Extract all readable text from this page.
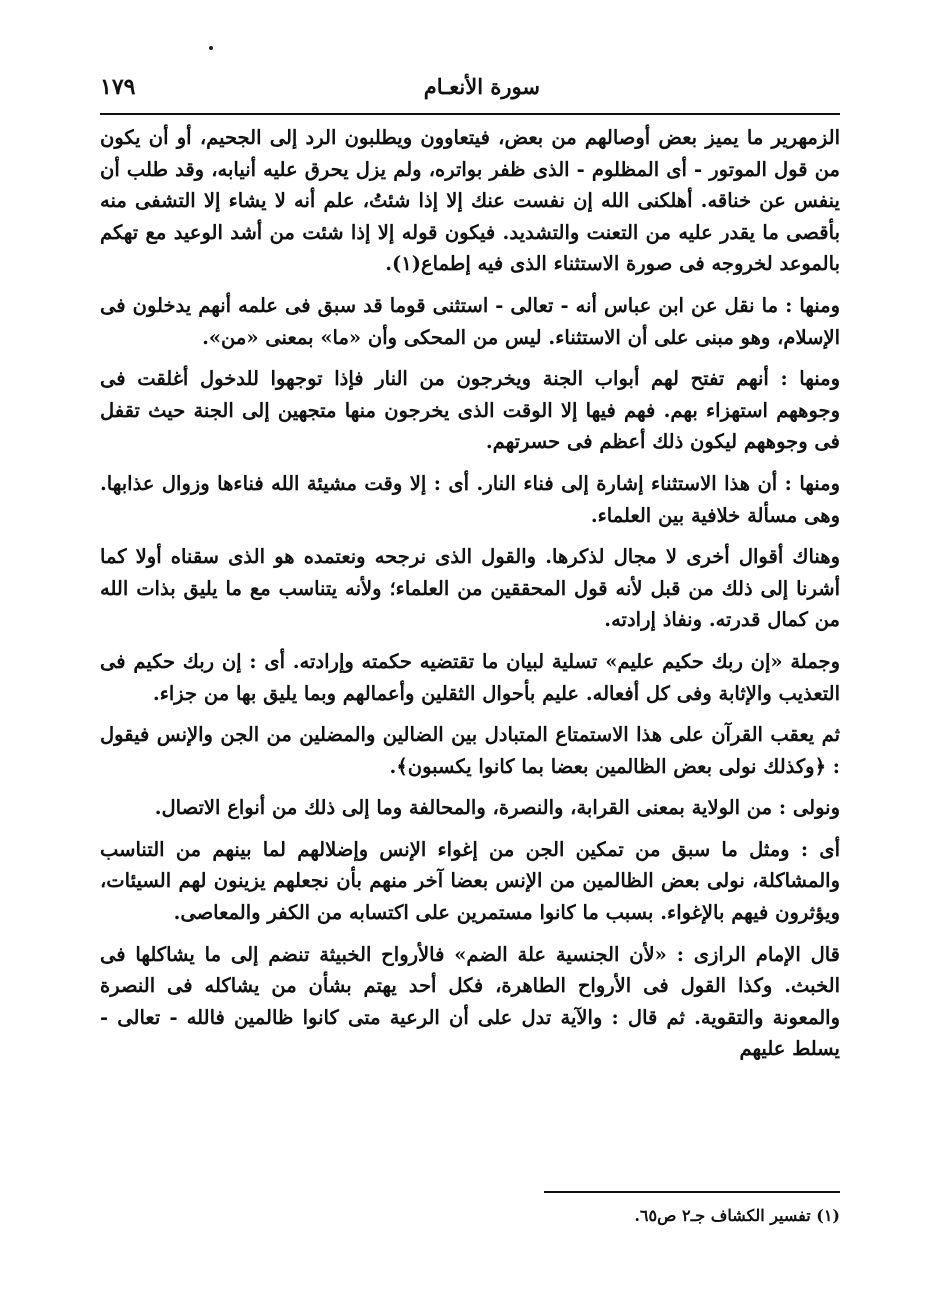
سورة الأنعـام
١٧٩

الزمهرير ما يميز بعض أوصالهم من بعض، فيتعاوون ويطلبون الرد إلى الجحيم، أو أن يكون من قول الموتور - أى المظلوم - الذى ظفر بواتره، ولم يزل يحرق عليه أنيابه، وقد طلب أن ينفس عن خناقه. أهلكنى الله إن نفست عنك إلا إذا شئتُ، علم أنه لا يشاء إلا التشفى منه بأقصى ما يقدر عليه من التعنت والتشديد. فيكون قوله إلا إذا شئت من أشد الوعيد مع تهكم بالموعد لخروجه فى صورة الاستثناء الذى فيه إطماع(١).

ومنها : ما نقل عن ابن عباس أنه - تعالى - استثنى قوما قد سبق فى علمه أنهم يدخلون فى الإسلام، وهو مبنى على أن الاستثناء. ليس من المحكى وأن «ما» بمعنى «من».

ومنها : أنهم تفتح لهم أبواب الجنة ويخرجون من النار فإذا توجهوا للدخول أغلقت فى وجوههم استهزاء بهم. فهم فيها إلا الوقت الذى يخرجون منها متجهين إلى الجنة حيث تقفل فى وجوههم ليكون ذلك أعظم فى حسرتهم.

ومنها : أن هذا الاستثناء إشارة إلى فناء النار. أى : إلا وقت مشيئة الله فناءها وزوال عذابها. وهى مسألة خلافية بين العلماء.

وهناك أقوال أخرى لا مجال لذكرها. والقول الذى نرجحه ونعتمده هو الذى سقناه أولا كما أشرنا إلى ذلك من قبل لأنه قول المحققين من العلماء؛ ولأنه يتناسب مع ما يليق بذات الله من كمال قدرته. ونفاذ إرادته.

وجملة «إن ربك حكيم عليم» تسلية لبيان ما تقتضيه حكمته وإرادته. أى : إن ربك حكيم فى التعذيب والإثابة وفى كل أفعاله. عليم بأحوال الثقلين وأعمالهم وبما يليق بها من جزاء.

ثم يعقب القرآن على هذا الاستمتاع المتبادل بين الضالين والمضلين من الجن والإنس فيقول : ﴿وكذلك نولى بعض الظالمين بعضا بما كانوا يكسبون﴾.

ونولى : من الولاية بمعنى القرابة، والنصرة، والمحالفة وما إلى ذلك من أنواع الاتصال.

أى : ومثل ما سبق من تمكين الجن من إغواء الإنس وإضلالهم لما بينهم من التناسب والمشاكلة، نولى بعض الظالمين من الإنس بعضا آخر منهم بأن نجعلهم يزينون لهم السيئات، ويؤثرون فيهم بالإغواء. بسبب ما كانوا مستمرين على اكتسابه من الكفر والمعاصى.

قال الإمام الرازى : «لأن الجنسية علة الضم» فالأرواح الخبيثة تنضم إلى ما يشاكلها فى الخبث. وكذا القول فى الأرواح الطاهرة، فكل أحد يهتم بشأن من يشاكله فى النصرة والمعونة والتقوية. ثم قال : والآية تدل على أن الرعية متى كانوا ظالمين فالله - تعالى - يسلط عليهم

(١) تفسير الكشاف جـ٢ ص٦٥.
